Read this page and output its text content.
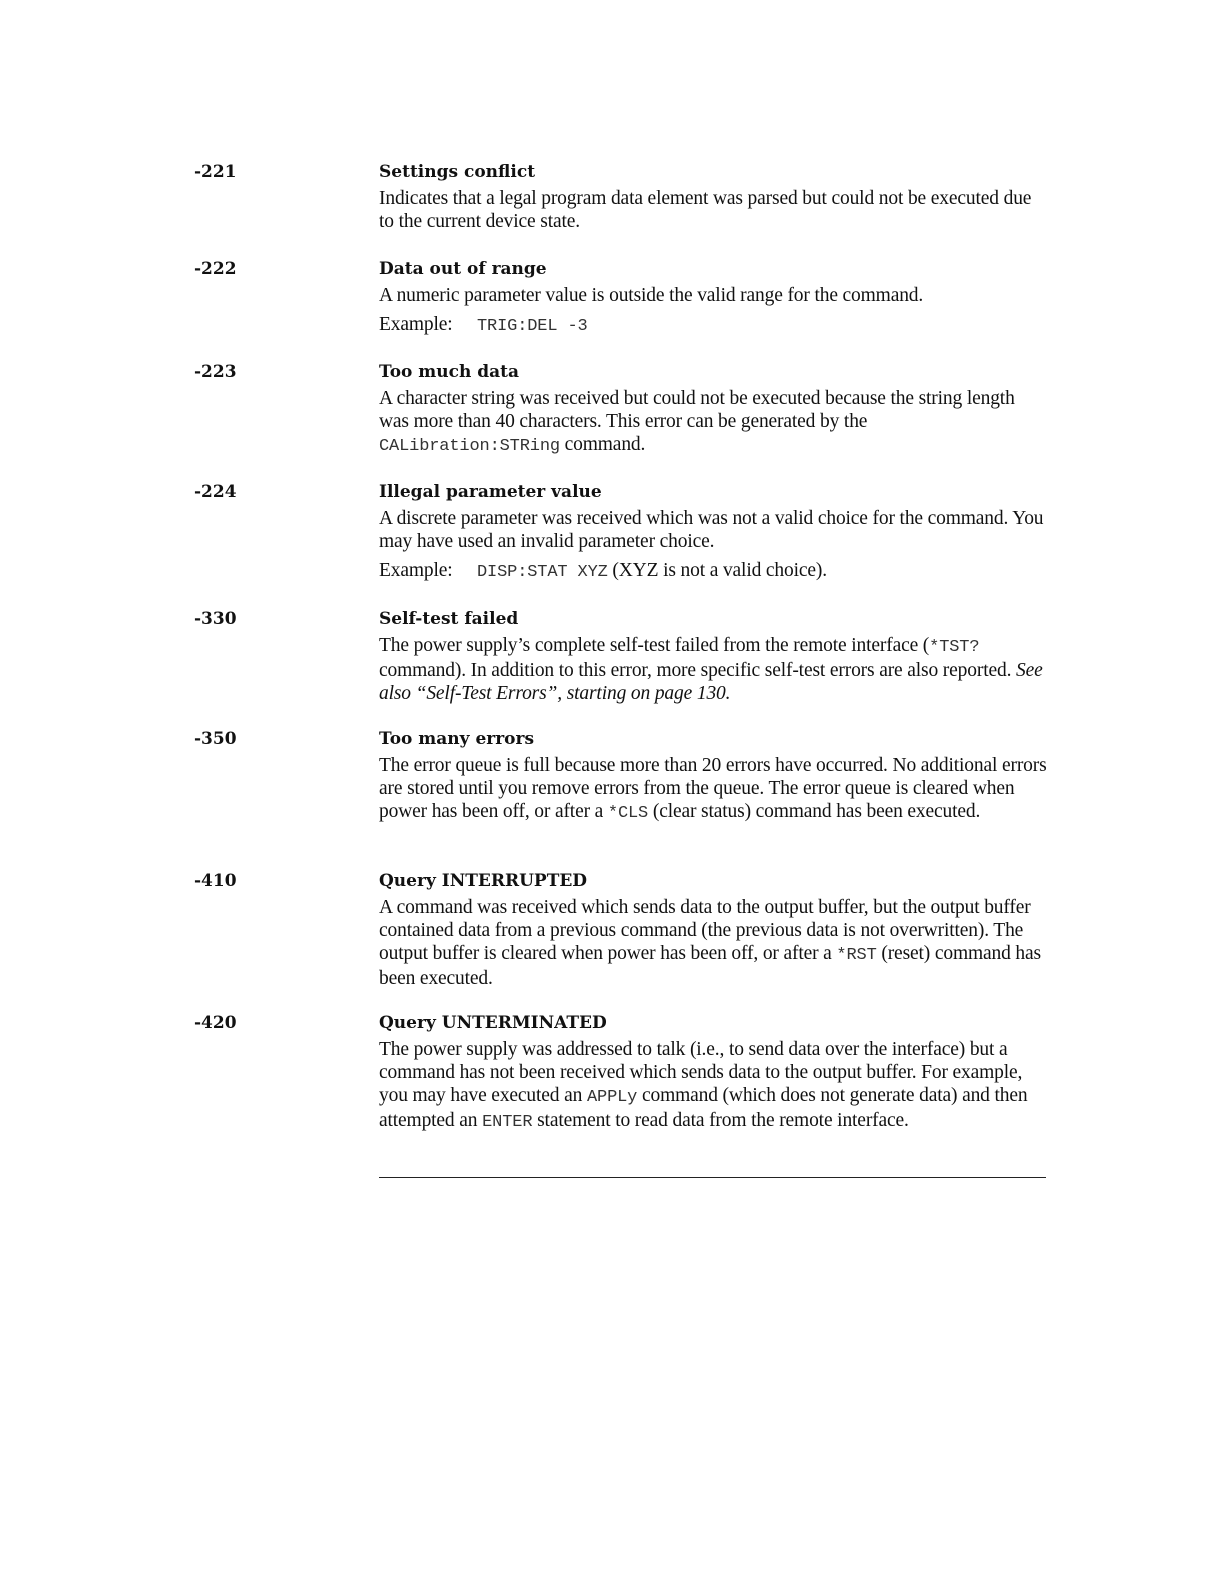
-221	Settings conflict

Indicates that a legal program data element was parsed but could not be executed due to the current device state.

-222	Data out of range

A numeric parameter value is outside the valid range for the command.

Example: TRIG:DEL -3

-223	Too much data

A character string was received but could not be executed because the string length was more than 40 characters. This error can be generated by the CALibration:STRing command.

-224	Illegal parameter value

A discrete parameter was received which was not a valid choice for the command. You may have used an invalid parameter choice.

Example: DISP:STAT XYZ (XYZ is not a valid choice).

-330	Self-test failed

The power supply’s complete self-test failed from the remote interface (*TST? command). In addition to this error, more specific self-test errors are also reported. See also “Self-Test Errors”, starting on page 130.

-350	Too many errors

The error queue is full because more than 20 errors have occurred. No additional errors are stored until you remove errors from the queue. The error queue is cleared when power has been off, or after a *CLS (clear status) command has been executed.

-410	Query INTERRUPTED

A command was received which sends data to the output buffer, but the output buffer contained data from a previous command (the previous data is not overwritten). The output buffer is cleared when power has been off, or after a *RST (reset) command has been executed.

-420	Query UNTERMINATED

The power supply was addressed to talk (i.e., to send data over the interface) but a command has not been received which sends data to the output buffer. For example, you may have executed an APPLy command (which does not generate data) and then attempted an ENTER statement to read data from the remote interface.
